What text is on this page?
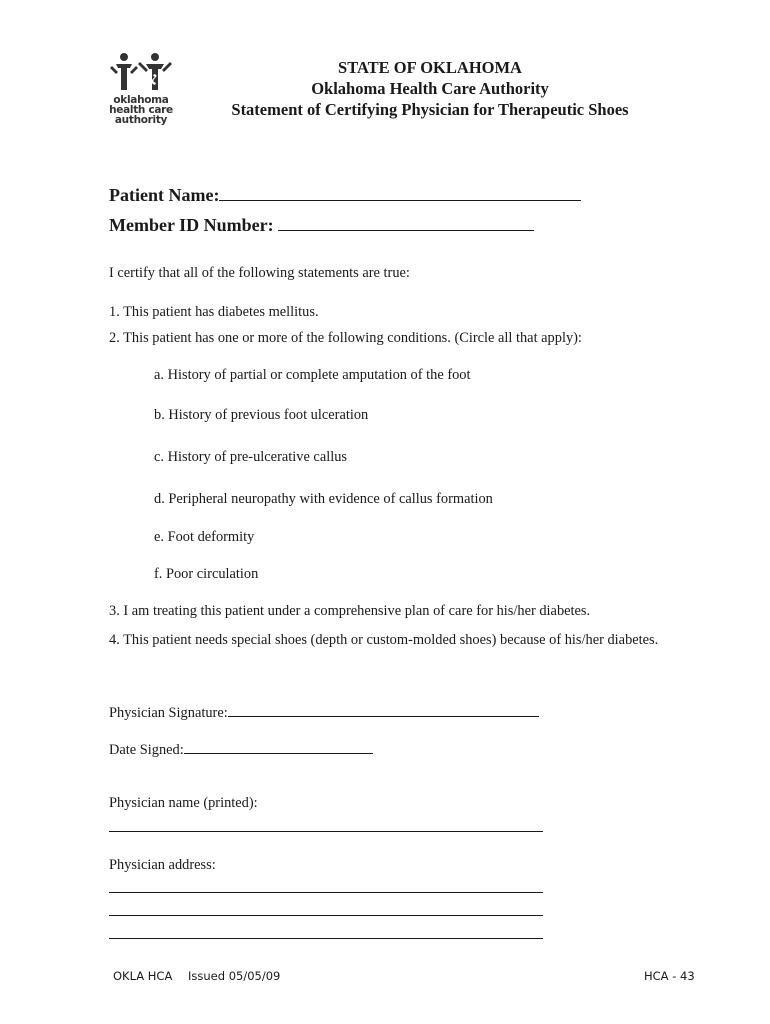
oklahoma
health care
authority
STATE OF OKLAHOMA
Oklahoma Health Care Authority
Statement of Certifying Physician for Therapeutic Shoes
Patient Name:
Member ID Number:
I certify that all of the following statements are true:
1. This patient has diabetes mellitus.
2. This patient has one or more of the following conditions. (Circle all that apply):
a. History of partial or complete amputation of the foot
b. History of previous foot ulceration
c. History of pre-ulcerative callus
d. Peripheral neuropathy with evidence of callus formation
e. Foot deformity
f. Poor circulation
3. I am treating this patient under a comprehensive plan of care for his/her diabetes.
4. This patient needs special shoes (depth or custom-molded shoes) because of his/her diabetes.
Physician Signature:
Date Signed:
Physician name (printed):
Physician address:
OKLA HCA Issued 05/05/09	HCA - 43
